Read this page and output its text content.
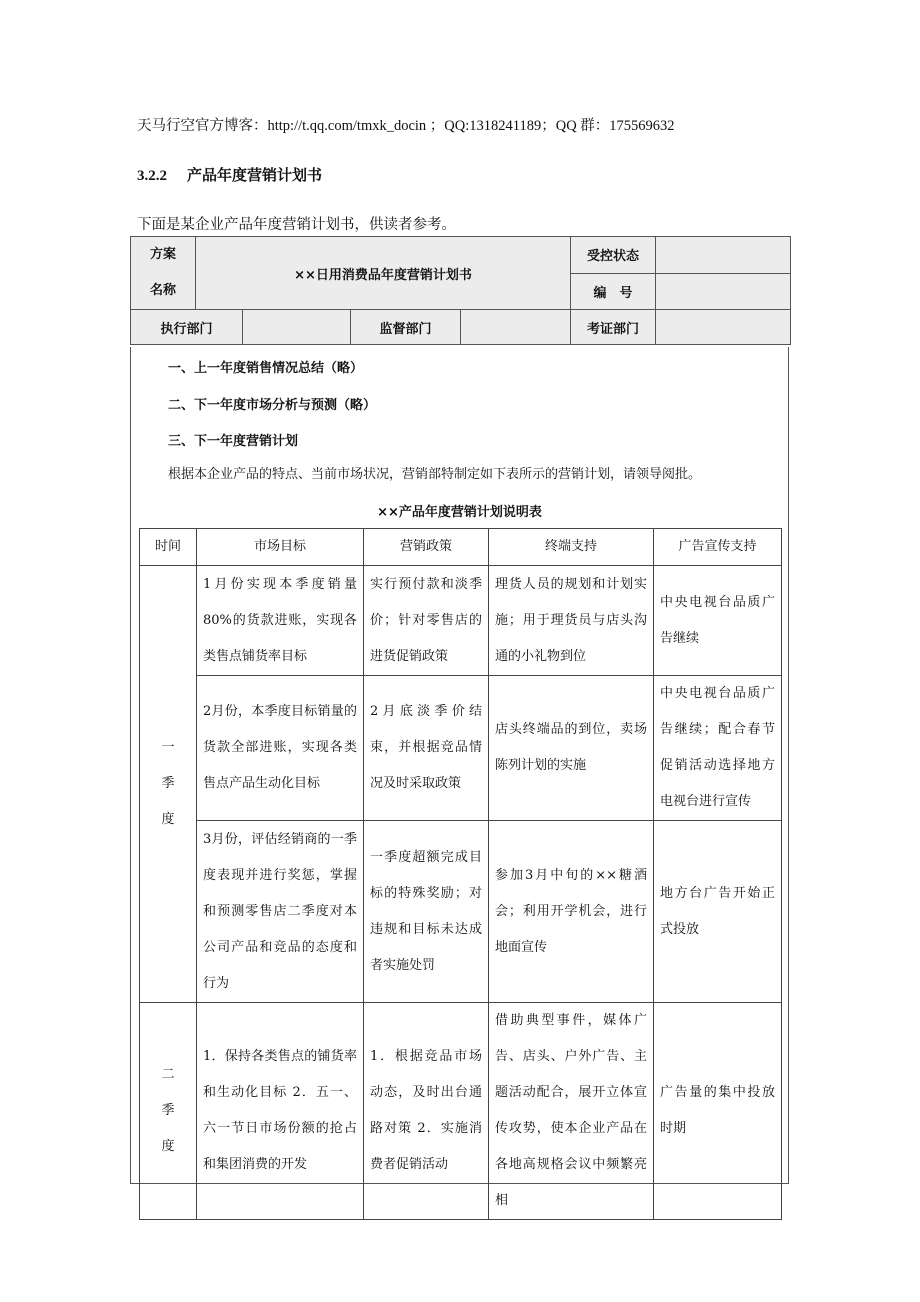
天马行空官方博客：http://t.qq.com/tmxk_docin ；QQ:1318241189；QQ 群：175569632
3.2.2 产品年度营销计划书
下面是某企业产品年度营销计划书，供读者参考。
方案
名称	××日用消费品年度营销计划书				受控状态	
					编　号	
执行部门			监督部门		考证部门	
一、上一年度销售情况总结（略）
二、下一年度市场分析与预测（略）
三、下一年度营销计划
根据本企业产品的特点、当前市场状况，营销部特制定如下表所示的营销计划，请领导阅批。
××产品年度营销计划说明表
时间	市场目标	营销政策	终端支持	广告宣传支持

一季度	1月份实现本季度销量80%的货款进账，实现各类售点铺货率目标	实行预付款和淡季价；针对零售店的进货促销政策	理货人员的规划和计划实施；用于理货员与店头沟通的小礼物到位	中央电视台品质广告继续
	2月份，本季度目标销量的货款全部进账，实现各类售点产品生动化目标	2月底淡季价结束，并根据竞品情况及时采取政策	店头终端品的到位，卖场陈列计划的实施	中央电视台品质广告继续；配合春节促销活动选择地方电视台进行宣传
	3月份，评估经销商的一季度表现并进行奖惩，掌握和预测零售店二季度对本公司产品和竞品的态度和行为	一季度超额完成目标的特殊奖励；对违规和目标未达成者实施处罚	参加3月中旬的××糖酒会；利用开学机会，进行地面宣传	地方台广告开始正式投放

二季度	1．保持各类售点的铺货率和生动化目标 2．五一、六一节日市场份额的抢占和集团消费的开发	1．根据竞品市场动态，及时出台通路对策 2．实施消费者促销活动	借助典型事件，媒体广告、店头、户外广告、主题活动配合，展开立体宣传攻势，使本企业产品在各地高规格会议中频繁亮相	广告量的集中投放时期
